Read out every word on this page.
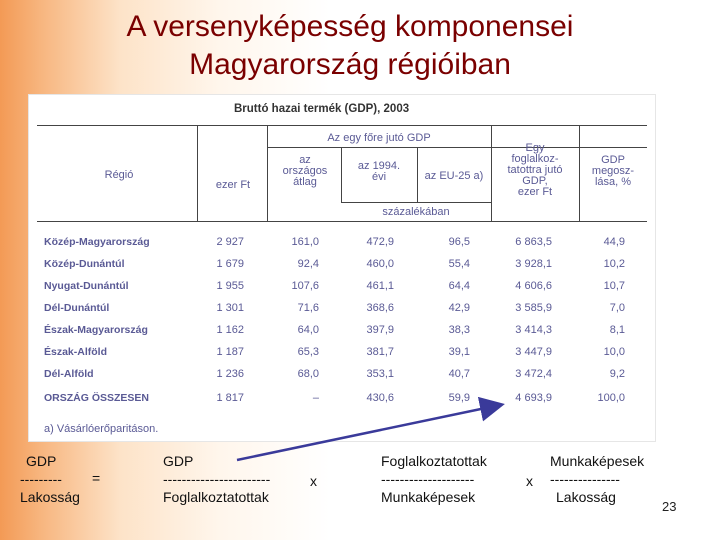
A versenyképesség komponensei
Magyarország régióiban
Bruttó hazai termék (GDP), 2003
Régió
Az egy főre jutó GDP
ezer Ft
az
országos
átlag
az 1994.
évi	az EU-25 a)
százalékában
Egy
foglalkoz-
tatottra jutó
GDP,
ezer Ft
GDP
megosz-
lása, %
Közép-Magyarország	2 927	161,0	472,9	96,5	6 863,5	44,9
Közép-Dunántúl	1 679	92,4	460,0	55,4	3 928,1	10,2
Nyugat-Dunántúl	1 955	107,6	461,1	64,4	4 606,6	10,7
Dél-Dunántúl	1 301	71,6	368,6	42,9	3 585,9	7,0
Észak-Magyarország	1 162	64,0	397,9	38,3	3 414,3	8,1
Észak-Alföld	1 187	65,3	381,7	39,1	3 447,9	10,0
Dél-Alföld	1 236	68,0	353,1	40,7	3 472,4	9,2
ORSZÁG ÖSSZESEN	1 817	–	430,6	59,9	4 693,9	100,0
a) Vásárlóerőparitáson.
GDP
---------
Lakosság
=
GDP
-----------------------
Foglalkoztatottak
x
Foglalkoztatottak
--------------------
Munkaképesek
x
Munkaképesek
---------------
Lakosság
23
